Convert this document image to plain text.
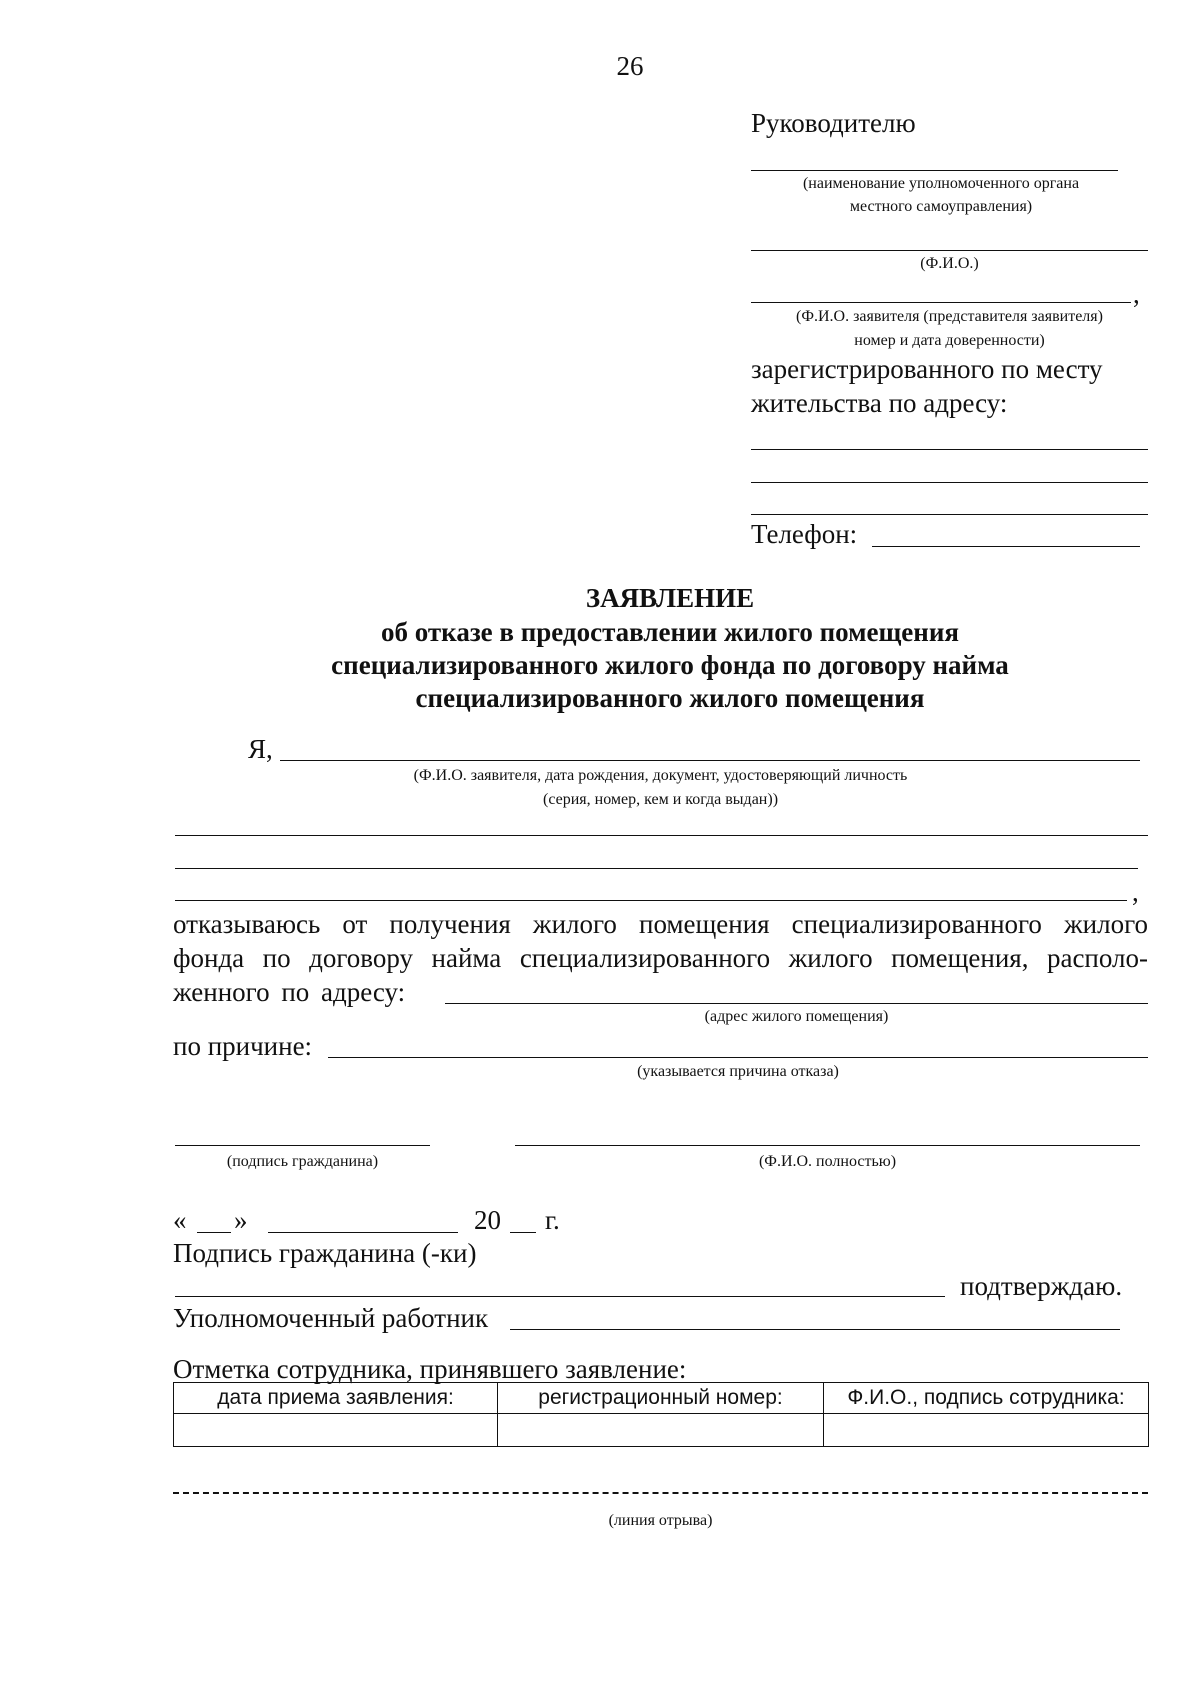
26
Руководителю
(наименование уполномоченного органа
местного самоуправления)
(Ф.И.О.)
,
(Ф.И.О. заявителя (представителя заявителя)
номер и дата доверенности)
зарегистрированного по месту
жительства по адресу:
Телефон:
ЗАЯВЛЕНИЕ
об отказе в предоставлении жилого помещения
специализированного жилого фонда по договору найма
специализированного жилого помещения
Я,
(Ф.И.О. заявителя, дата рождения, документ, удостоверяющий личность
(серия, номер, кем и когда выдан))
,
отказываюсь от получения жилого помещения специализированного жилого
фонда по договору найма специализированного жилого помещения, располо-
женного по адресу:
(адрес жилого помещения)
по причине:
(указывается причина отказа)
(подпись гражданина)	(Ф.И.О. полностью)
« »	20 г.
Подпись гражданина (-ки)
подтверждаю.
Уполномоченный работник
Отметка сотрудника, принявшего заявление:
дата приема заявления:	регистрационный номер:	Ф.И.О., подпись сотрудника:

(линия отрыва)
